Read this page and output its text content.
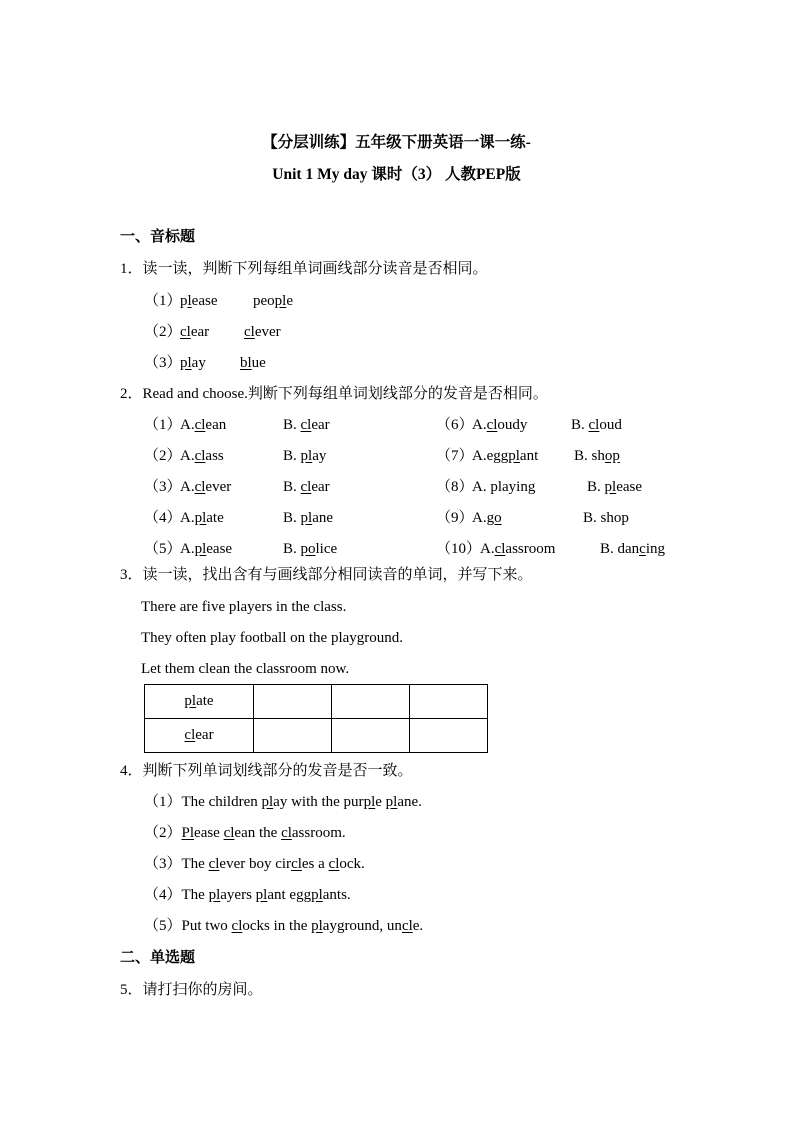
【分层训练】五年级下册英语一课一练-
Unit 1 My day 课时（3） 人教PEP版
一、音标题
1．读一读，判断下列每组单词画线部分读音是否相同。
（1）
please people
（2）
clear clever
（3）
play blue
2．Read and choose.判断下列每组单词划线部分的发音是否相同。
（1）
A.clean	B. clear
（2）
A.class	B. play
（3）
A.clever	B. clear
（4）
A.plate	B. plane
（5）
A.please	B. police
（6）
A.cloudy	B. cloud
（7）
A.eggplant B. shop
（8）
A. playing	B. please
（9）
A.go	B. shop
（10）
A.classroom	B. dancing
3．读一读，找出含有与画线部分相同读音的单词，并写下来。
There are five players in the class.
They often play football on the playground.
Let them clean the classroom now.
plate			
clear			
4．判断下列单词划线部分的发音是否一致。
（1）The children play with the purple plane.
（2）Please clean the classroom.
（3）The clever boy circles a clock.
（4）The players plant eggplants.
（5）Put two clocks in the playground, uncle.
二、单选题
5．请打扫你的房间。
